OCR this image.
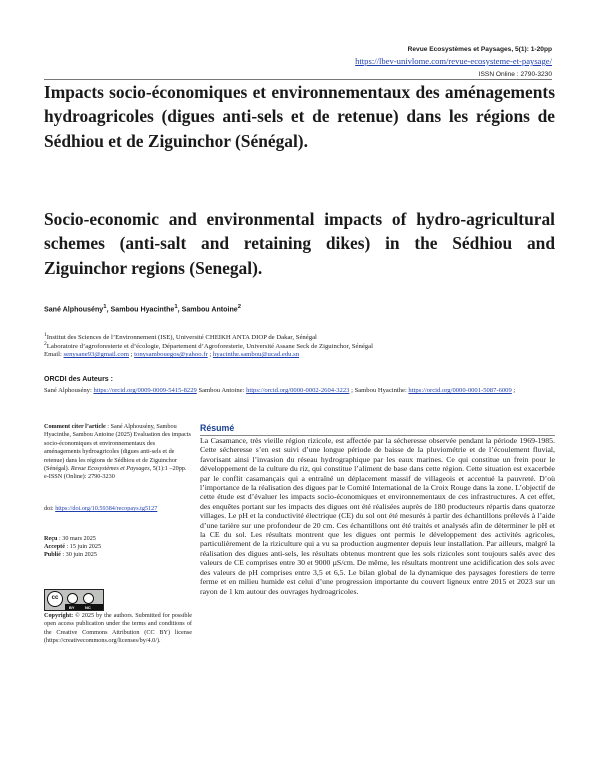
Revue Ecosystèmes et Paysages, 5(1): 1-20pp
https://lbev-univlome.com/revue-ecosysteme-et-paysage/
ISSN Online : 2790-3230
Impacts socio-économiques et environnementaux des aménagements hydroagricoles (digues anti-sels et de retenue) dans les régions de Sédhiou et de Ziguinchor (Sénégal).
Socio-economic and environmental impacts of hydro-agricultural schemes (anti-salt and retaining dikes) in the Sédhiou and Ziguinchor regions (Senegal).
Sané Alphousény$^1$, Sambou Hyacinthe$^1$, Sambou Antoine$^2$
$^1$Institut des Sciences de l’Environnement (ISE), Université CHEIKH ANTA DIOP de Dakar, Sénégal
$^2$Laboratoire d’agroforesterie et d’écologie, Département d’Agroforesterie, Université Assane Seck de Ziguinchor, Sénégal
Email: senysane93@gmail.com ; tonysambouegos@yahoo.fr ; hyacinthe.sambou@ucad.edu.sn
ORCDI des Auteurs :
Sané Alphousény: https://orcid.org/0009-0009-5415-8229 Sambou Antoine: https://orcid.org/0000-0002-2604-3223 ; Sambou Hyacinthe: https://orcid.org/0000-0001-5087-6009 ;
Comment citer l’article : Sané Alphousény, Sambou Hyacinthe, Sambou Antoine (2025) Evaluation des impacts socio-économiques et environnementaux des aménagements hydroagricoles (digues anti-sels et de retenue) dans les régions de Sédhiou et de Ziguinchor (Sénégal). Revue Ecosystèmes et Paysages, 5(1):1 –20pp. e-ISSN (Online): 2790-3230
doi: https://doi.org/10.59384/recopays.tg5127
Reçu : 30 mars 2025
Accepté : 15 juin 2025
Publié : 30 juin 2025
cc
BY	NC
Copyright: © 2025 by the authors. Submitted for possible open access publication under the terms and conditions of the Creative Commons Attribution (CC BY) license (https://creativecommons.org/licenses/by/4.0/).
Résumé

La Casamance, très vieille région rizicole, est affectée par la sécheresse observée pendant la période 1969-1985. Cette sécheresse s’en est suivi d’une longue période de baisse de la pluviométrie et de l’écoulement fluvial, favorisant ainsi l’invasion du réseau hydrographique par les eaux marines. Ce qui constitue un frein pour le développement de la culture du riz, qui constitue l’aliment de base dans cette région. Cette situation est exacerbée par le conflit casamançais qui a entraîné un déplacement massif de villageois et accentué la pauvreté. D’où l’importance de la réalisation des digues par le Comité International de la Croix Rouge dans la zone. L’objectif de cette étude est d’évaluer les impacts socio-économiques et environnementaux de ces infrastructures. A cet effet, des enquêtes portant sur les impacts des digues ont été réalisées auprès de 180 producteurs répartis dans quatorze villages. Le pH et la conductivité électrique (CE) du sol ont été mesurés à partir des échantillons prélevés à l’aide d’une tarière sur une profondeur de 20 cm. Ces échantillons ont été traités et analysés afin de déterminer le pH et la CE du sol. Les résultats montrent que les digues ont permis le développement des activités agricoles, particulièrement de la riziculture qui a vu sa production augmenter depuis leur installation. Par ailleurs, malgré la réalisation des digues anti-sels, les résultats obtenus montrent que les sols rizicoles sont toujours salés avec des valeurs de CE comprises entre 30 et 9000 µS/cm. De même, les résultats montrent une acidification des sols avec des valeurs de pH comprises entre 3,5 et 6,5. Le bilan global de la dynamique des paysages forestiers de terre ferme et en milieu humide est celui d’une progression importante du couvert ligneux entre 2015 et 2023 sur un rayon de 1 km autour des ouvrages hydroagricoles.
